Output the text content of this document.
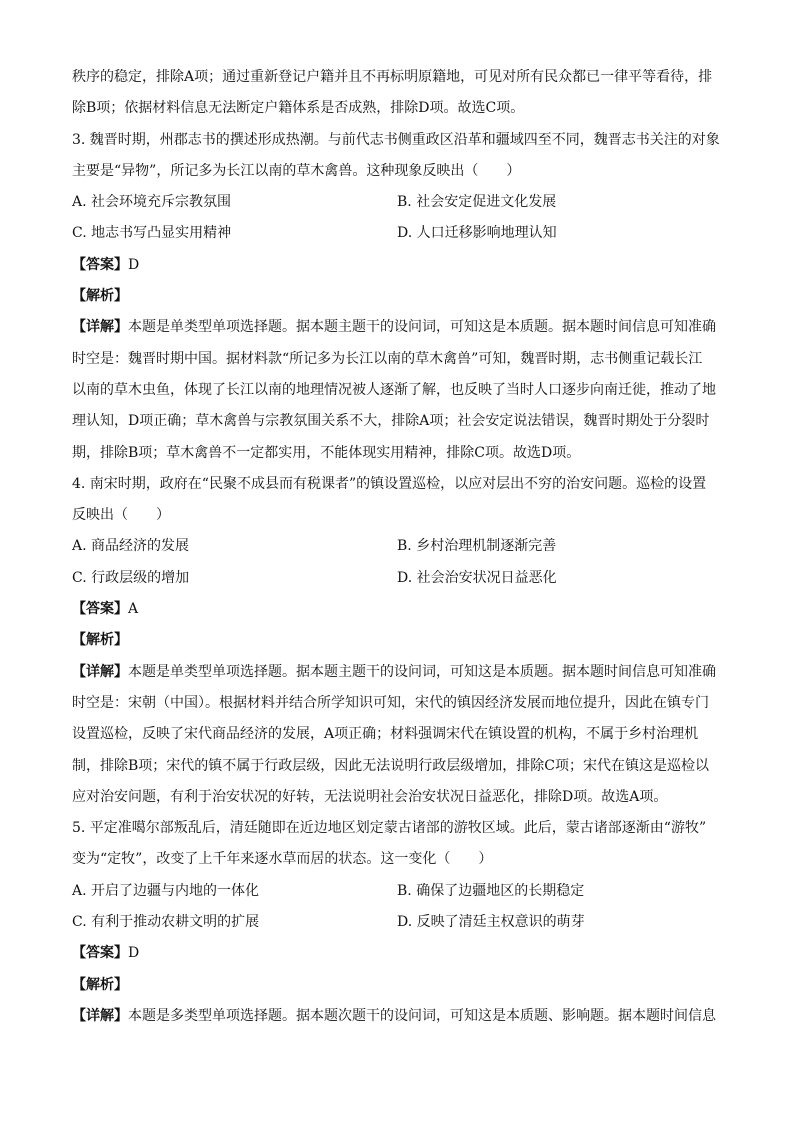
秩序的稳定，排除A项；通过重新登记户籍并且不再标明原籍地，可见对所有民众都已一律平等看待，排
除B项；依据材料信息无法断定户籍体系是否成熟，排除D项。故选C项。
3. 魏晋时期，州郡志书的撰述形成热潮。与前代志书侧重政区沿革和疆域四至不同，魏晋志书关注的对象
主要是“异物”，所记多为长江以南的草木禽兽。这种现象反映出（　　）
A. 社会环境充斥宗教氛围	B. 社会安定促进文化发展
C. 地志书写凸显实用精神	D. 人口迁移影响地理认知
【答案】D
【解析】
【详解】本题是单类型单项选择题。据本题主题干的设问词，可知这是本质题。据本题时间信息可知准确
时空是：魏晋时期中国。据材料款“所记多为长江以南的草木禽兽”可知，魏晋时期，志书侧重记载长江
以南的草木虫鱼，体现了长江以南的地理情况被人逐渐了解，也反映了当时人口逐步向南迁徙，推动了地
理认知，D项正确；草木禽兽与宗教氛围关系不大，排除A项；社会安定说法错误，魏晋时期处于分裂时
期，排除B项；草木禽兽不一定都实用，不能体现实用精神，排除C项。故选D项。
4. 南宋时期，政府在“民聚不成县而有税课者”的镇设置巡检，以应对层出不穷的治安问题。巡检的设置
反映出（　　）
A. 商品经济的发展	B. 乡村治理机制逐渐完善
C. 行政层级的增加	D. 社会治安状况日益恶化
【答案】A
【解析】
【详解】本题是单类型单项选择题。据本题主题干的设问词，可知这是本质题。据本题时间信息可知准确
时空是：宋朝（中国）。根据材料并结合所学知识可知，宋代的镇因经济发展而地位提升，因此在镇专门
设置巡检，反映了宋代商品经济的发展，A项正确；材料强调宋代在镇设置的机构，不属于乡村治理机
制，排除B项；宋代的镇不属于行政层级，因此无法说明行政层级增加，排除C项；宋代在镇这是巡检以
应对治安问题，有利于治安状况的好转，无法说明社会治安状况日益恶化，排除D项。故选A项。
5. 平定准噶尔部叛乱后，清廷随即在近边地区划定蒙古诸部的游牧区域。此后，蒙古诸部逐渐由“游牧”
变为“定牧”，改变了上千年来逐水草而居的状态。这一变化（　　）
A. 开启了边疆与内地的一体化	B. 确保了边疆地区的长期稳定
C. 有利于推动农耕文明的扩展	D. 反映了清廷主权意识的萌芽
【答案】D
【解析】
【详解】本题是多类型单项选择题。据本题次题干的设问词，可知这是本质题、影响题。据本题时间信息
